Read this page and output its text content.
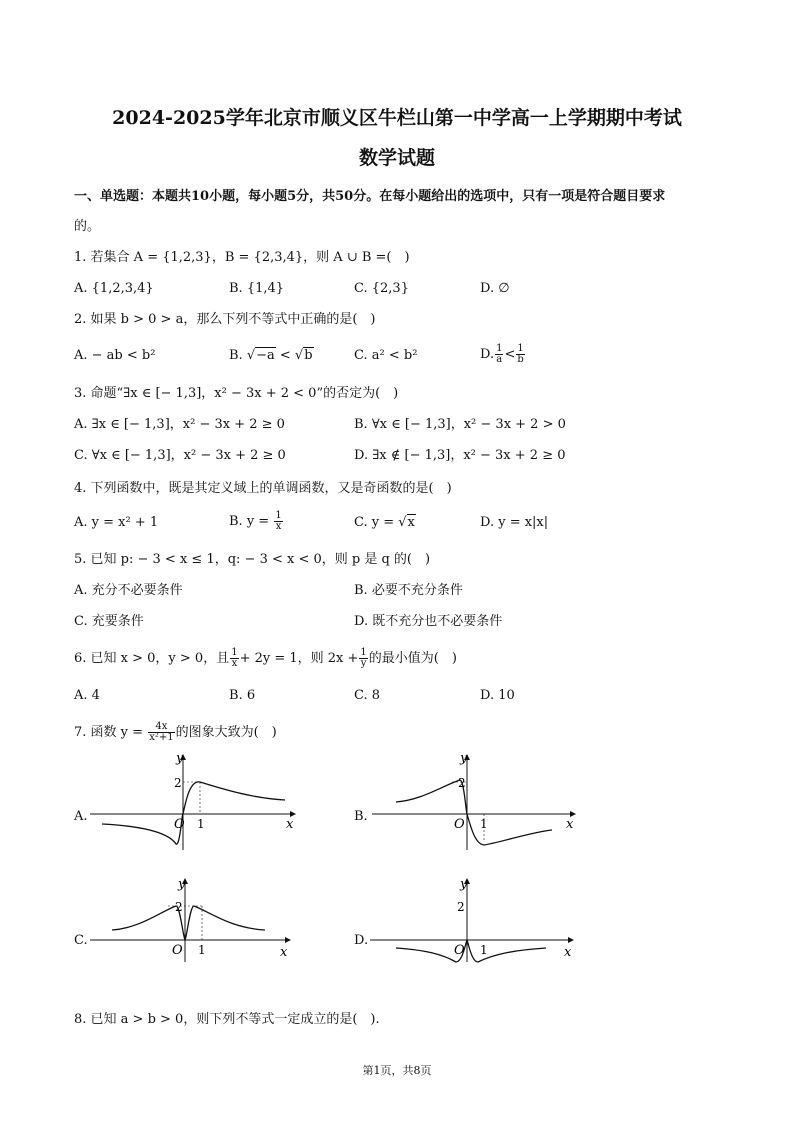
2024-2025学年北京市顺义区牛栏山第一中学高一上学期期中考试
数学试题
一、单选题：本题共10小题，每小题5分，共50分。在每小题给出的选项中，只有一项是符合题目要求
的。
1. 若集合 A = {1,2,3}，B = {2,3,4}，则 A ∪ B =(　)
A. {1,2,3,4}	B. {1,4}	C. {2,3}	D. ∅
2. 如果 b > 0 > a，那么下列不等式中正确的是(　)
A. − ab < b²	B. √−a < √b	C. a² < b²	D. $\frac{1}{a} < \frac{1}{b}$
3. 命题“∃x ∈ [− 1,3]，x² − 3x + 2 < 0”的否定为(　)
A. ∃x ∈ [− 1,3]，x² − 3x + 2 ≥ 0	B. ∀x ∈ [− 1,3]，x² − 3x + 2 > 0
C. ∀x ∈ [− 1,3]，x² − 3x + 2 ≥ 0	D. ∃x ∉ [− 1,3]，x² − 3x + 2 ≥ 0
4. 下列函数中，既是其定义域上的单调函数，又是奇函数的是(　)
A. y = x² + 1	B. $y = \frac{1}{x}$	C. y = √x	D. y = x|x|
5. 已知 p: − 3 < x ≤ 1，q: − 3 < x < 0，则 p 是 q 的(　)
A. 充分不必要条件	B. 必要不充分条件
C. 充要条件	D. 既不充分也不必要条件
6. 已知 x > 0，y > 0，且 $\frac{1}{x} + 2y = 1$，则 $2x + \frac{1}{y}$ 的最小值为(　)
A. 4	B. 6	C. 8	D. 10
7. 函数 $y = \frac{4x}{\text{x²+1}}$ 的图象大致为(　)
A.
y
x
O 1
2
B.
y
x
O 1
2
C.
y
x
O 1
2
D.
y
x
O 1
2
8. 已知 a > b > 0，则下列不等式一定成立的是(　).
第1页，共8页
